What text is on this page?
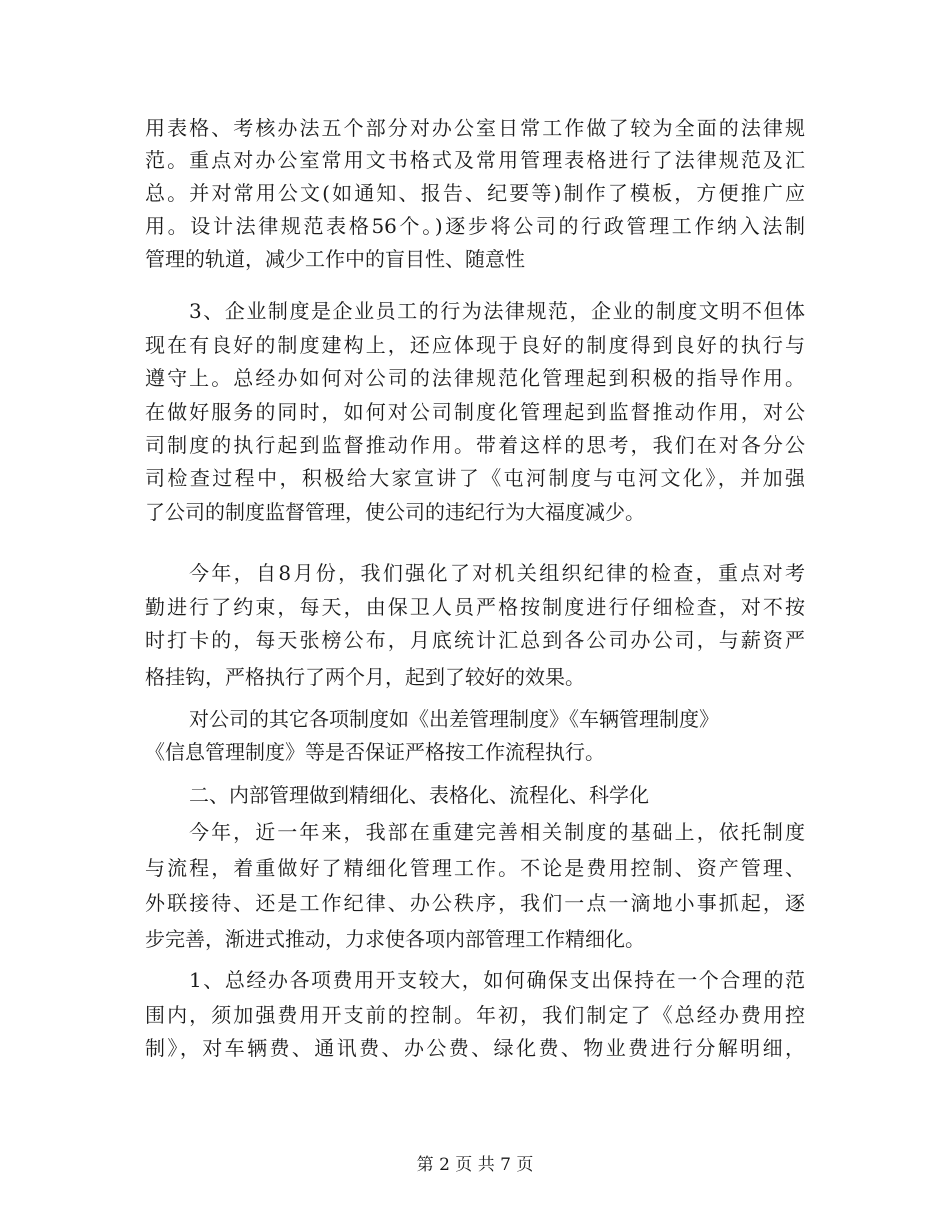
用表格、考核办法五个部分对办公室日常工作做了较为全面的法律规
范。重点对办公室常用文书格式及常用管理表格进行了法律规范及汇
总。并对常用公文(如通知、报告、纪要等)制作了模板，方便推广应
用。设计法律规范表格56个。)逐步将公司的行政管理工作纳入法制
管理的轨道，减少工作中的盲目性、随意性
3、企业制度是企业员工的行为法律规范，企业的制度文明不但体
现在有良好的制度建构上，还应体现于良好的制度得到良好的执行与
遵守上。总经办如何对公司的法律规范化管理起到积极的指导作用。
在做好服务的同时，如何对公司制度化管理起到监督推动作用，对公
司制度的执行起到监督推动作用。带着这样的思考，我们在对各分公
司检查过程中，积极给大家宣讲了《屯河制度与屯河文化》，并加强
了公司的制度监督管理，使公司的违纪行为大福度减少。
今年，自8月份，我们强化了对机关组织纪律的检查，重点对考
勤进行了约束，每天，由保卫人员严格按制度进行仔细检查，对不按
时打卡的，每天张榜公布，月底统计汇总到各公司办公司，与薪资严
格挂钩，严格执行了两个月，起到了较好的效果。
对公司的其它各项制度如《出差管理制度》《车辆管理制度》
《信息管理制度》等是否保证严格按工作流程执行。
二、内部管理做到精细化、表格化、流程化、科学化
今年，近一年来，我部在重建完善相关制度的基础上，依托制度
与流程，着重做好了精细化管理工作。不论是费用控制、资产管理、
外联接待、还是工作纪律、办公秩序，我们一点一滴地小事抓起，逐
步完善，渐进式推动，力求使各项内部管理工作精细化。
1、总经办各项费用开支较大，如何确保支出保持在一个合理的范
围内，须加强费用开支前的控制。年初，我们制定了《总经办费用控
制》，对车辆费、通讯费、办公费、绿化费、物业费进行分解明细，
第 2 页 共 7 页
